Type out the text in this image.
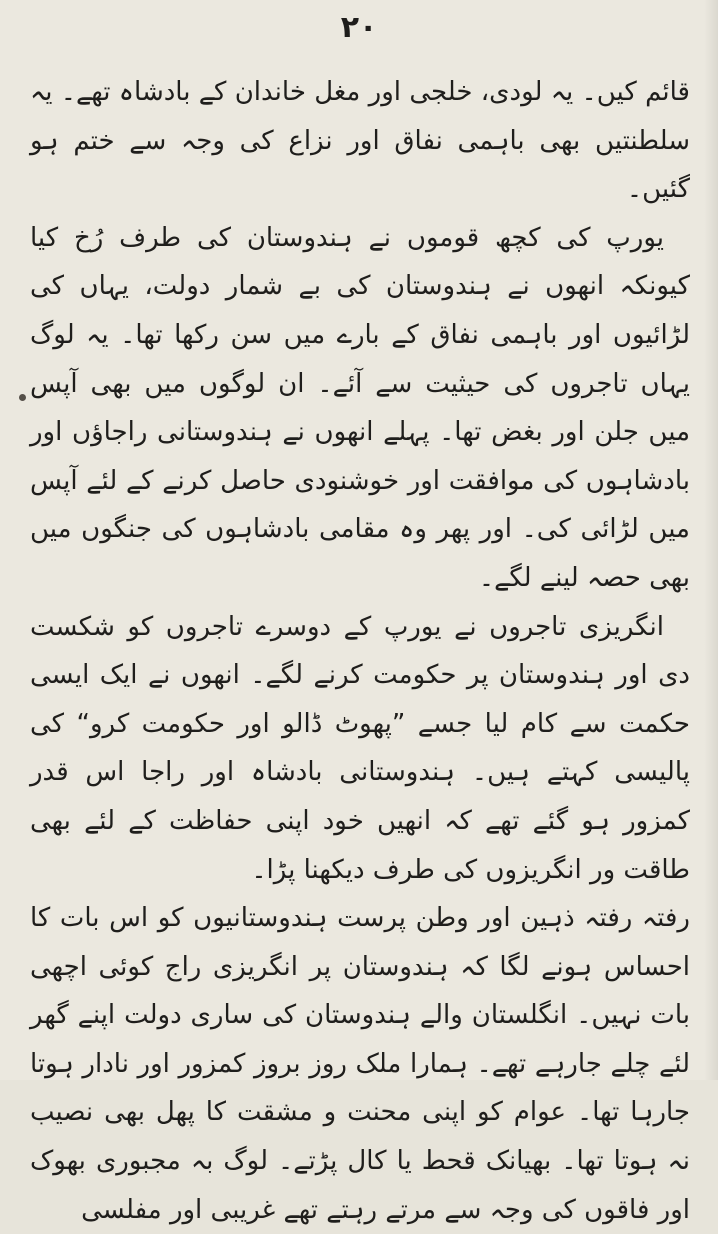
۲۰

قائم کیں۔ یہ لودی، خلجی اور مغل خاندان کے بادشاہ تھے۔ یہ سلطنتیں بھی باہمی نفاق اور نزاع کی وجہ سے ختم ہو گئیں۔

یورپ کی کچھ قوموں نے ہندوستان کی طرف رُخ کیا کیونکہ انھوں نے ہندوستان کی بے شمار دولت، یہاں کی لڑائیوں اور باہمی نفاق کے بارے میں سن رکھا تھا۔ یہ لوگ یہاں تاجروں کی حیثیت سے آئے۔ ان لوگوں میں بھی آپس میں جلن اور بغض تھا۔ پہلے انھوں نے ہندوستانی راجاؤں اور بادشاہوں کی موافقت اور خوشنودی حاصل کرنے کے لئے آپس میں لڑائی کی۔ اور پھر وہ مقامی بادشاہوں کی جنگوں میں بھی حصہ لینے لگے۔

انگریزی تاجروں نے یورپ کے دوسرے تاجروں کو شکست دی اور ہندوستان پر حکومت کرنے لگے۔ انھوں نے ایک ایسی حکمت سے کام لیا جسے ”پھوٹ ڈالو اور حکومت کرو“ کی پالیسی کہتے ہیں۔ ہندوستانی بادشاہ اور راجا اس قدر کمزور ہو گئے تھے کہ انھیں خود اپنی حفاظت کے لئے بھی طاقت ور انگریزوں کی طرف دیکھنا پڑا۔

رفتہ رفتہ ذہین اور وطن پرست ہندوستانیوں کو اس بات کا احساس ہونے لگا کہ ہندوستان پر انگریزی راج کوئی اچھی بات نہیں۔ انگلستان والے ہندوستان کی ساری دولت اپنے گھر لئے چلے جارہے تھے۔ ہمارا ملک روز بروز کمزور اور نادار ہوتا جارہا تھا۔ عوام کو اپنی محنت و مشقت کا پھل بھی نصیب نہ ہوتا تھا۔ بھیانک قحط یا کال پڑتے۔ لوگ بہ مجبوری بھوک اور فاقوں کی وجہ سے مرتے رہتے تھے غریبی اور مفلسی
